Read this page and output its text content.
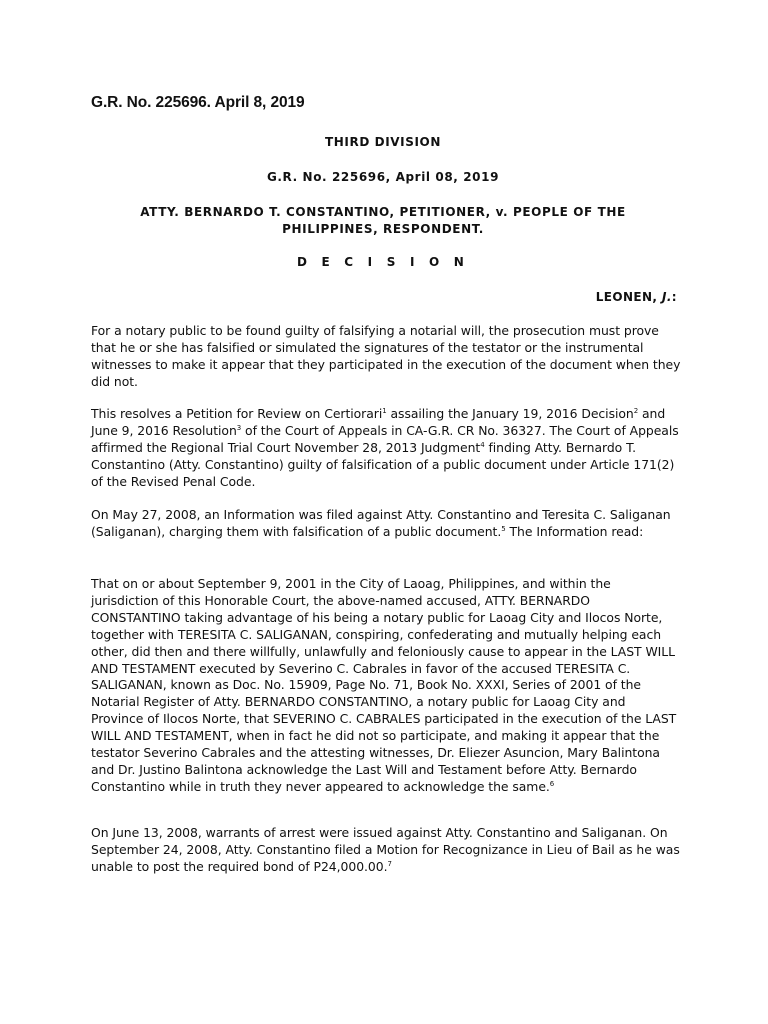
G.R. No. 225696. April 8, 2019

THIRD DIVISION

G.R. No. 225696, April 08, 2019

ATTY. BERNARDO T. CONSTANTINO, PETITIONER, v. PEOPLE OF THE
PHILIPPINES, RESPONDENT.

D E C I S I O N

LEONEN, J.:

For a notary public to be found guilty of falsifying a notarial will, the prosecution must prove that he or she has falsified or simulated the signatures of the testator or the instrumental witnesses to make it appear that they participated in the execution of the document when they did not.

This resolves a Petition for Review on Certiorari$^1$ assailing the January 19, 2016 Decision$^2$ and June 9, 2016 Resolution$^3$ of the Court of Appeals in CA-G.R. CR No. 36327. The Court of Appeals affirmed the Regional Trial Court November 28, 2013 Judgment$^4$ finding Atty. Bernardo T. Constantino (Atty. Constantino) guilty of falsification of a public document under Article 171(2) of the Revised Penal Code.

On May 27, 2008, an Information was filed against Atty. Constantino and Teresita C. Saliganan (Saliganan), charging them with falsification of a public document.$^5$ The Information read:

That on or about September 9, 2001 in the City of Laoag, Philippines, and within the jurisdiction of this Honorable Court, the above-named accused, ATTY. BERNARDO CONSTANTINO taking advantage of his being a notary public for Laoag City and Ilocos Norte, together with TERESITA C. SALIGANAN, conspiring, confederating and mutually helping each other, did then and there willfully, unlawfully and feloniously cause to appear in the LAST WILL AND TESTAMENT executed by Severino C. Cabrales in favor of the accused TERESITA C. SALIGANAN, known as Doc. No. 15909, Page No. 71, Book No. XXXI, Series of 2001 of the Notarial Register of Atty. BERNARDO CONSTANTINO, a notary public for Laoag City and Province of Ilocos Norte, that SEVERINO C. CABRALES participated in the execution of the LAST WILL AND TESTAMENT, when in fact he did not so participate, and making it appear that the testator Severino Cabrales and the attesting witnesses, Dr. Eliezer Asuncion, Mary Balintona and Dr. Justino Balintona acknowledge the Last Will and Testament before Atty. Bernardo Constantino while in truth they never appeared to acknowledge the same.$^6$

On June 13, 2008, warrants of arrest were issued against Atty. Constantino and Saliganan. On September 24, 2008, Atty. Constantino filed a Motion for Recognizance in Lieu of Bail as he was unable to post the required bond of P24,000.00.$^7$
